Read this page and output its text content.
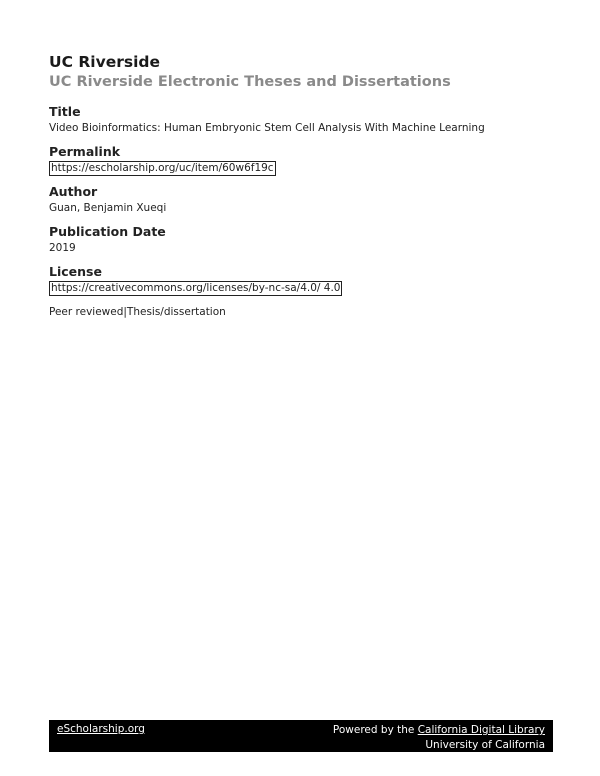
UC Riverside
UC Riverside Electronic Theses and Dissertations
Title
Video Bioinformatics: Human Embryonic Stem Cell Analysis With Machine Learning
Permalink
https://escholarship.org/uc/item/60w6f19c
Author
Guan, Benjamin Xueqi
Publication Date
2019
License
https://creativecommons.org/licenses/by-nc-sa/4.0/ 4.0
Peer reviewed|Thesis/dissertation
eScholarship.org	Powered by the California Digital Library
University of California
